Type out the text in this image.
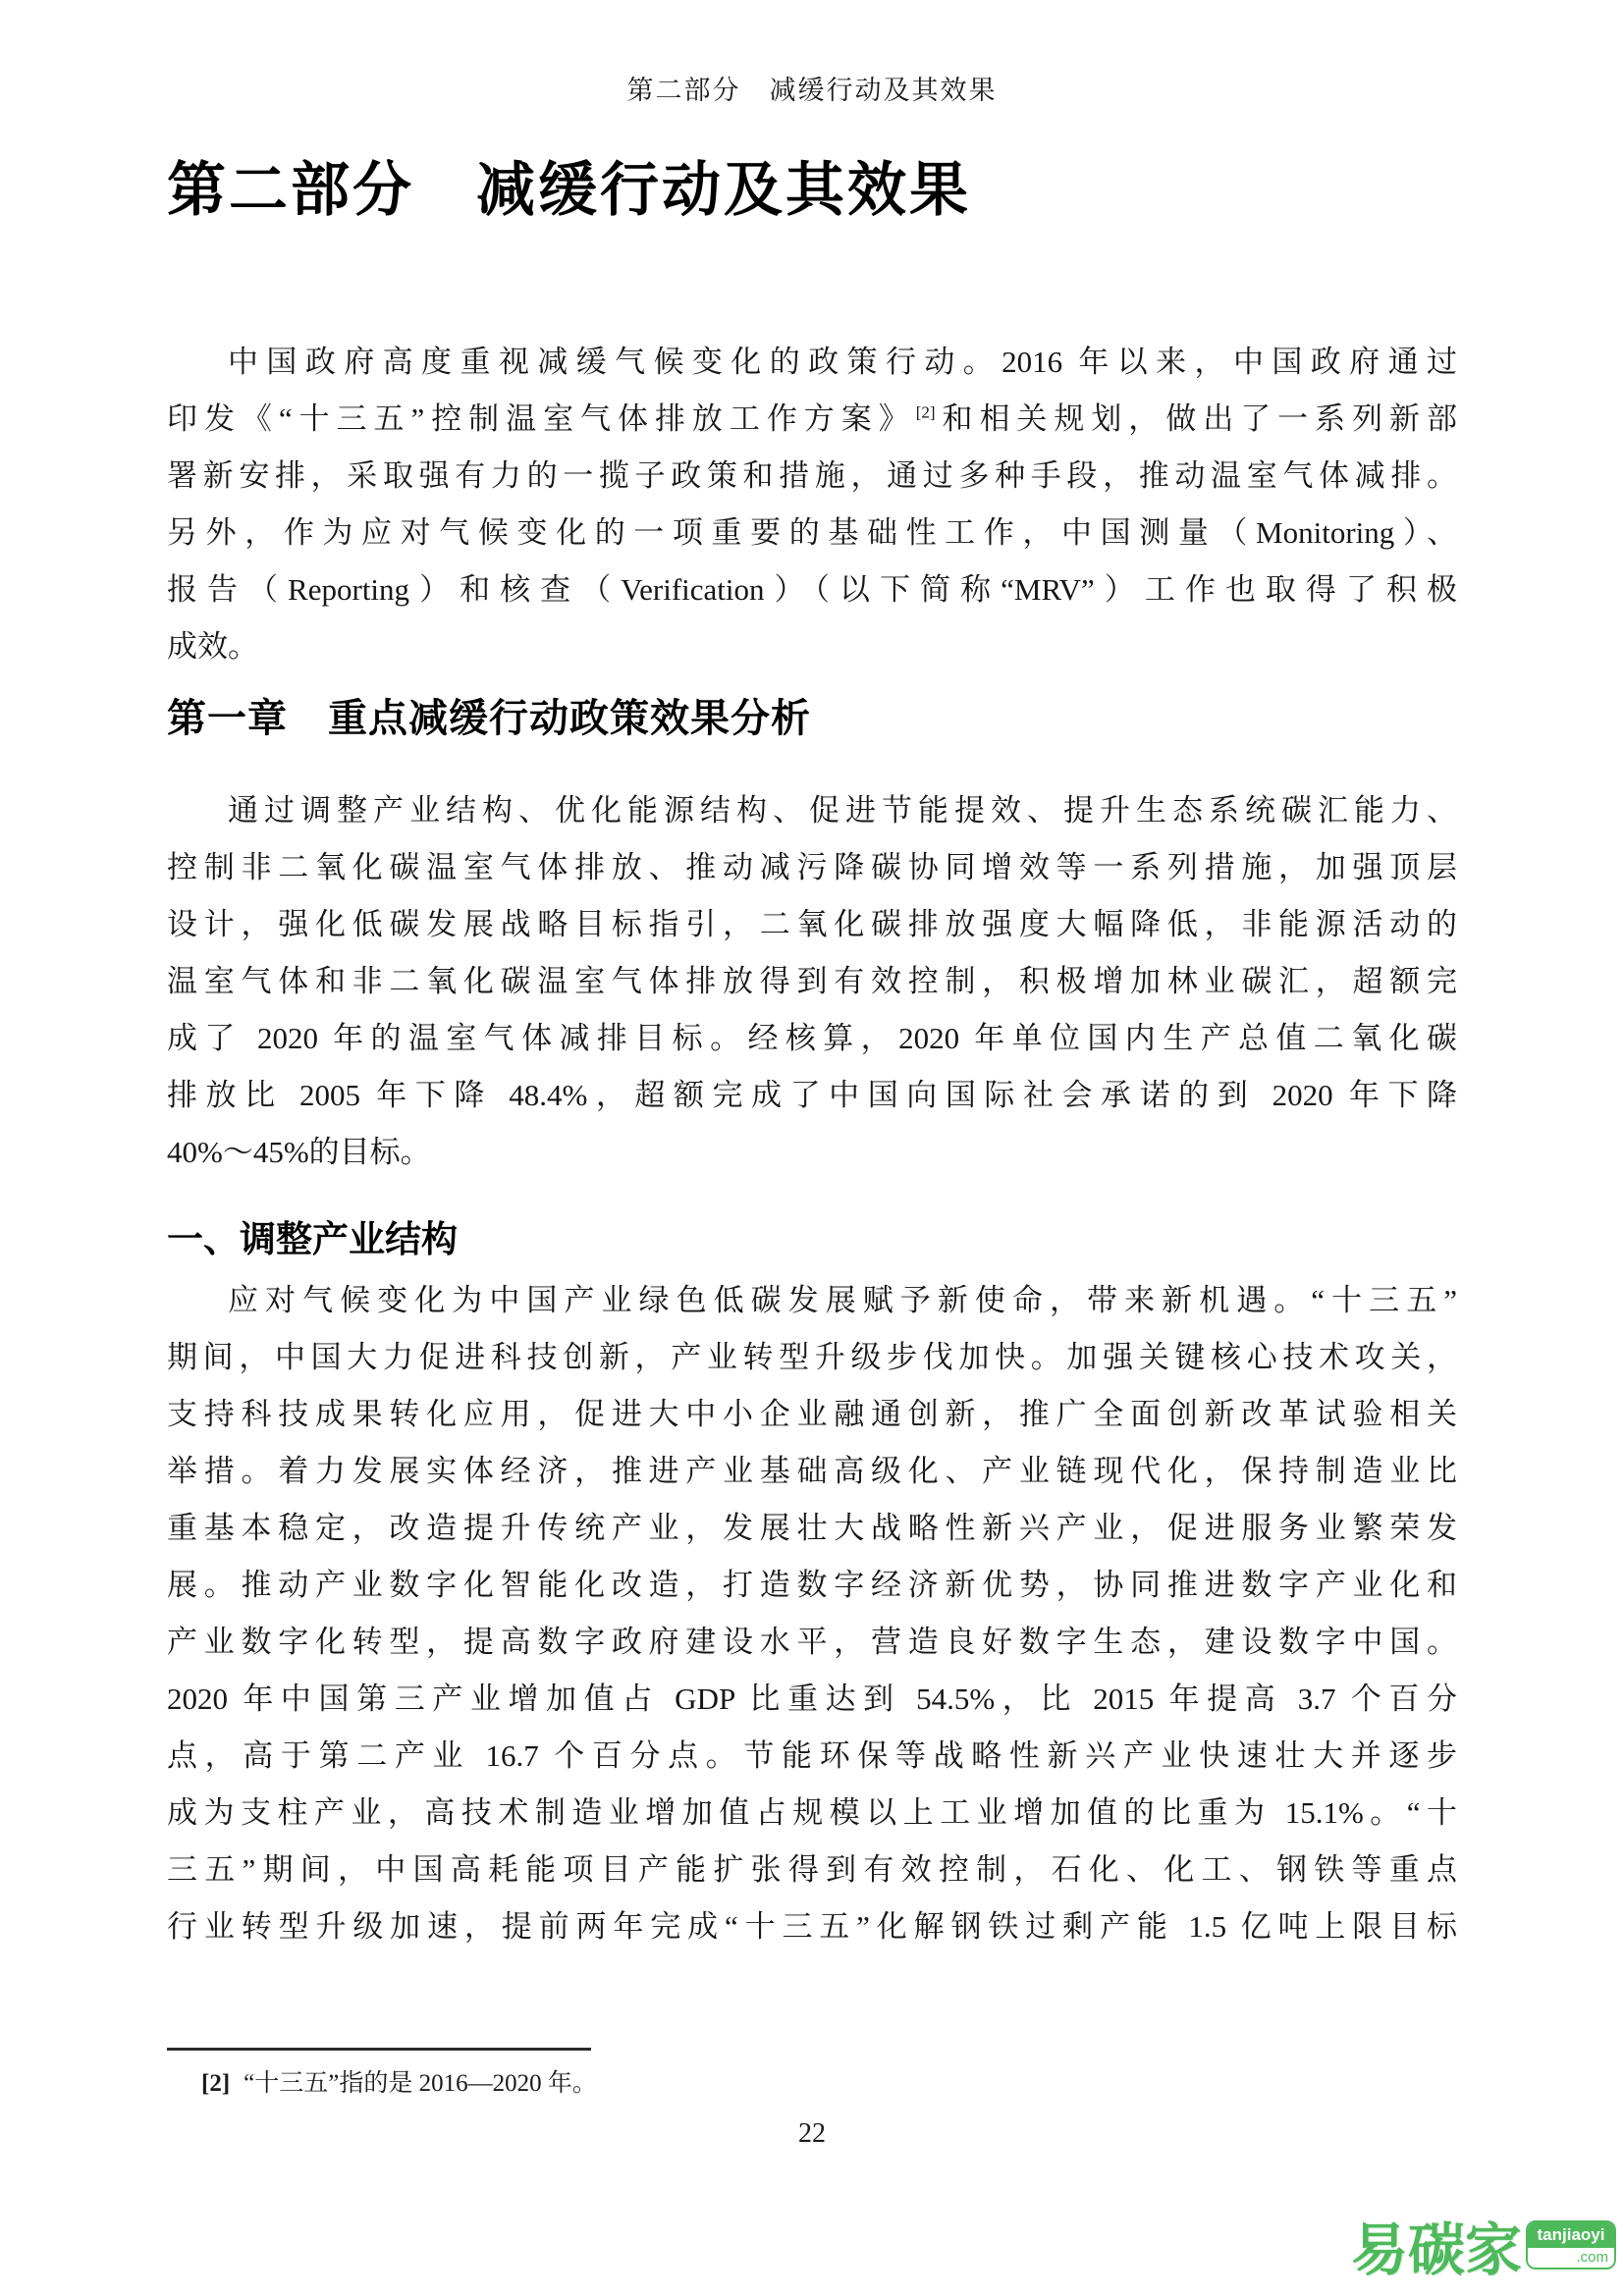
第二部分　减缓行动及其效果
第二部分　减缓行动及其效果
中国政府高度重视减缓气候变化的政策行动。2016 年以来，中国政府通过
印发《“十三五”控制温室气体排放工作方案》[2]和相关规划，做出了一系列新部
署新安排，采取强有力的一揽子政策和措施，通过多种手段，推动温室气体减排。
另外，作为应对气候变化的一项重要的基础性工作，中国测量（Monitoring）、
报告（Reporting）和核查（Verification）（以下简称“MRV”）工作也取得了积极
成效。
第一章　重点减缓行动政策效果分析
通过调整产业结构、优化能源结构、促进节能提效、提升生态系统碳汇能力、
控制非二氧化碳温室气体排放、推动减污降碳协同增效等一系列措施，加强顶层
设计，强化低碳发展战略目标指引，二氧化碳排放强度大幅降低，非能源活动的
温室气体和非二氧化碳温室气体排放得到有效控制，积极增加林业碳汇，超额完
成了 2020 年的温室气体减排目标。经核算，2020 年单位国内生产总值二氧化碳
排放比 2005 年下降 48.4%，超额完成了中国向国际社会承诺的到 2020 年下降
40%～45%的目标。
一、调整产业结构
应对气候变化为中国产业绿色低碳发展赋予新使命，带来新机遇。“十三五”
期间，中国大力促进科技创新，产业转型升级步伐加快。加强关键核心技术攻关，
支持科技成果转化应用，促进大中小企业融通创新，推广全面创新改革试验相关
举措。着力发展实体经济，推进产业基础高级化、产业链现代化，保持制造业比
重基本稳定，改造提升传统产业，发展壮大战略性新兴产业，促进服务业繁荣发
展。推动产业数字化智能化改造，打造数字经济新优势，协同推进数字产业化和
产业数字化转型，提高数字政府建设水平，营造良好数字生态，建设数字中国。
2020 年中国第三产业增加值占 GDP 比重达到 54.5%，比 2015 年提高 3.7 个百分
点，高于第二产业 16.7 个百分点。节能环保等战略性新兴产业快速壮大并逐步
成为支柱产业，高技术制造业增加值占规模以上工业增加值的比重为 15.1%。“十
三五”期间，中国高耗能项目产能扩张得到有效控制，石化、化工、钢铁等重点
行业转型升级加速，提前两年完成“十三五”化解钢铁过剩产能 1.5 亿吨上限目标
[2] “十三五”指的是 2016—2020 年。
22
易碳家 tanjiaoyi
.com
